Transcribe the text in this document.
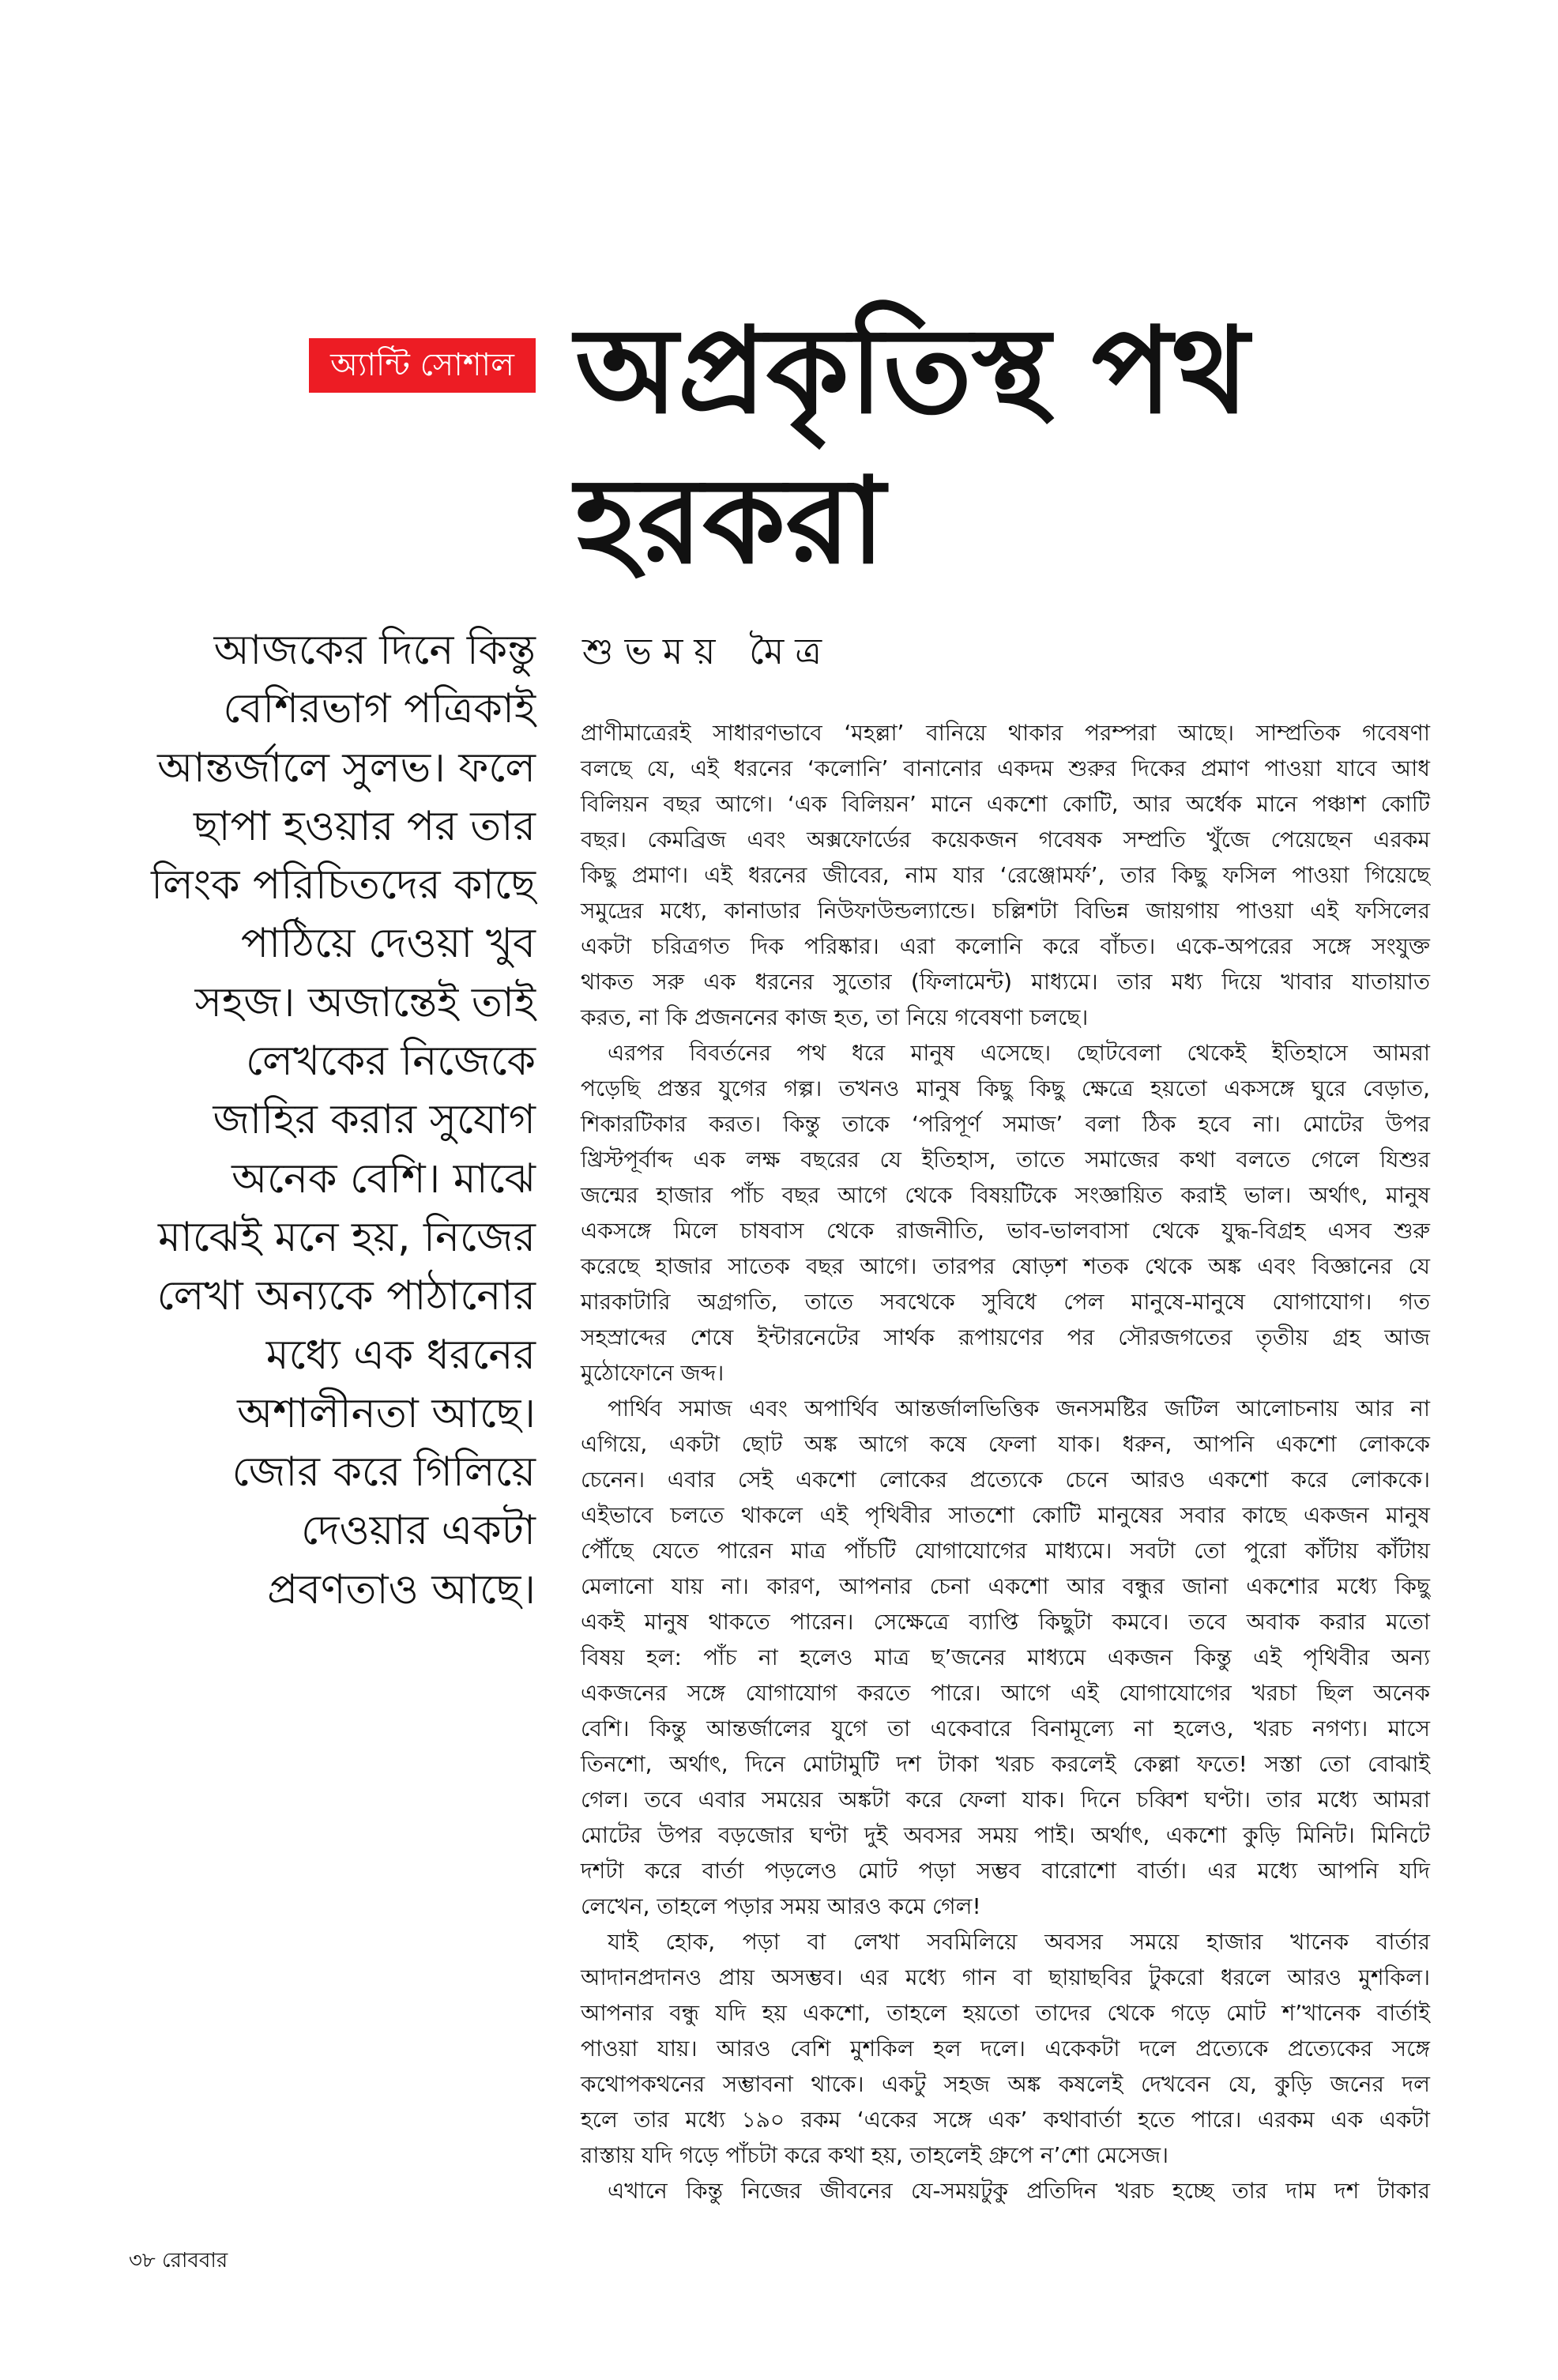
অ্যান্টি সোশাল অপ্রকৃতিস্থ পথ
হরকরা
শুভময় মৈত্র
আজকের দিনে কিন্তু
বেশিরভাগ পত্রিকাই
আন্তর্জালে সুলভ। ফলে
ছাপা হওয়ার পর তার
লিংক পরিচিতদের কাছে
পাঠিয়ে দেওয়া খুব
সহজ। অজান্তেই তাই
লেখকের নিজেকে
জাহির করার সুযোগ
অনেক বেশি। মাঝে
মাঝেই মনে হয়, নিজের
লেখা অন্যকে পাঠানোর
মধ্যে এক ধরনের
অশালীনতা আছে।
জোর করে গিলিয়ে
দেওয়ার একটা
প্রবণতাও আছে।
প্রাণীমাত্রেরই সাধারণভাবে ‘মহল্লা’ বানিয়ে থাকার পরম্পরা আছে। সাম্প্রতিক গবেষণা
বলছে যে, এই ধরনের ‘কলোনি’ বানানোর একদম শুরুর দিকের প্রমাণ পাওয়া যাবে আধ
বিলিয়ন বছর আগে। ‘এক বিলিয়ন’ মানে একশো কোটি, আর অর্ধেক মানে পঞ্চাশ কোটি
বছর। কেমব্রিজ এবং অক্সফোর্ডের কয়েকজন গবেষক সম্প্রতি খুঁজে পেয়েছেন এরকম
কিছু প্রমাণ। এই ধরনের জীবের, নাম যার ‘রেঞ্জোমর্ফ’, তার কিছু ফসিল পাওয়া গিয়েছে
সমুদ্রের মধ্যে, কানাডার নিউফাউন্ডল্যান্ডে। চল্লিশটা বিভিন্ন জায়গায় পাওয়া এই ফসিলের
একটা চরিত্রগত দিক পরিষ্কার। এরা কলোনি করে বাঁচত। একে-অপরের সঙ্গে সংযুক্ত
থাকত সরু এক ধরনের সুতোর (ফিলামেন্ট) মাধ্যমে। তার মধ্য দিয়ে খাবার যাতায়াত
করত, না কি প্রজননের কাজ হত, তা নিয়ে গবেষণা চলছে।
এরপর বিবর্তনের পথ ধরে মানুষ এসেছে। ছোটবেলা থেকেই ইতিহাসে আমরা
পড়েছি প্রস্তর যুগের গল্প। তখনও মানুষ কিছু কিছু ক্ষেত্রে হয়তো একসঙ্গে ঘুরে বেড়াত,
শিকারটিকার করত। কিন্তু তাকে ‘পরিপূর্ণ সমাজ’ বলা ঠিক হবে না। মোটের উপর
খ্রিস্টপূর্বাব্দ এক লক্ষ বছরের যে ইতিহাস, তাতে সমাজের কথা বলতে গেলে যিশুর
জন্মের হাজার পাঁচ বছর আগে থেকে বিষয়টিকে সংজ্ঞায়িত করাই ভাল। অর্থাৎ, মানুষ
একসঙ্গে মিলে চাষবাস থেকে রাজনীতি, ভাব-ভালবাসা থেকে যুদ্ধ-বিগ্রহ এসব শুরু
করেছে হাজার সাতেক বছর আগে। তারপর ষোড়শ শতক থেকে অঙ্ক এবং বিজ্ঞানের যে
মারকাটারি অগ্রগতি, তাতে সবথেকে সুবিধে পেল মানুষে-মানুষে যোগাযোগ। গত
সহস্রাব্দের শেষে ইন্টারনেটের সার্থক রূপায়ণের পর সৌরজগতের তৃতীয় গ্রহ আজ
মুঠোফোনে জব্দ।
পার্থিব সমাজ এবং অপার্থিব আন্তর্জালভিত্তিক জনসমষ্টির জটিল আলোচনায় আর না
এগিয়ে, একটা ছোট অঙ্ক আগে কষে ফেলা যাক। ধরুন, আপনি একশো লোককে
চেনেন। এবার সেই একশো লোকের প্রত্যেকে চেনে আরও একশো করে লোককে।
এইভাবে চলতে থাকলে এই পৃথিবীর সাতশো কোটি মানুষের সবার কাছে একজন মানুষ
পৌঁছে যেতে পারেন মাত্র পাঁচটি যোগাযোগের মাধ্যমে। সবটা তো পুরো কাঁটায় কাঁটায়
মেলানো যায় না। কারণ, আপনার চেনা একশো আর বন্ধুর জানা একশোর মধ্যে কিছু
একই মানুষ থাকতে পারেন। সেক্ষেত্রে ব্যাপ্তি কিছুটা কমবে। তবে অবাক করার মতো
বিষয় হল: পাঁচ না হলেও মাত্র ছ’জনের মাধ্যমে একজন কিন্তু এই পৃথিবীর অন্য
একজনের সঙ্গে যোগাযোগ করতে পারে। আগে এই যোগাযোগের খরচা ছিল অনেক
বেশি। কিন্তু আন্তর্জালের যুগে তা একেবারে বিনামূল্যে না হলেও, খরচ নগণ্য। মাসে
তিনশো, অর্থাৎ, দিনে মোটামুটি দশ টাকা খরচ করলেই কেল্লা ফতে! সস্তা তো বোঝাই
গেল। তবে এবার সময়ের অঙ্কটা করে ফেলা যাক। দিনে চব্বিশ ঘণ্টা। তার মধ্যে আমরা
মোটের উপর বড়জোর ঘণ্টা দুই অবসর সময় পাই। অর্থাৎ, একশো কুড়ি মিনিট। মিনিটে
দশটা করে বার্তা পড়লেও মোট পড়া সম্ভব বারোশো বার্তা। এর মধ্যে আপনি যদি
লেখেন, তাহলে পড়ার সময় আরও কমে গেল!
যাই হোক, পড়া বা লেখা সবমিলিয়ে অবসর সময়ে হাজার খানেক বার্তার
আদানপ্রদানও প্রায় অসম্ভব। এর মধ্যে গান বা ছায়াছবির টুকরো ধরলে আরও মুশকিল।
আপনার বন্ধু যদি হয় একশো, তাহলে হয়তো তাদের থেকে গড়ে মোট শ’খানেক বার্তাই
পাওয়া যায়। আরও বেশি মুশকিল হল দলে। একেকটা দলে প্রত্যেকে প্রত্যেকের সঙ্গে
কথোপকথনের সম্ভাবনা থাকে। একটু সহজ অঙ্ক কষলেই দেখবেন যে, কুড়ি জনের দল
হলে তার মধ্যে ১৯০ রকম ‘একের সঙ্গে এক’ কথাবার্তা হতে পারে। এরকম এক একটা
রাস্তায় যদি গড়ে পাঁচটা করে কথা হয়, তাহলেই গ্রুপে ন’শো মেসেজ।
এখানে কিন্তু নিজের জীবনের যে-সময়টুকু প্রতিদিন খরচ হচ্ছে তার দাম দশ টাকার
৩৮ রোববার
